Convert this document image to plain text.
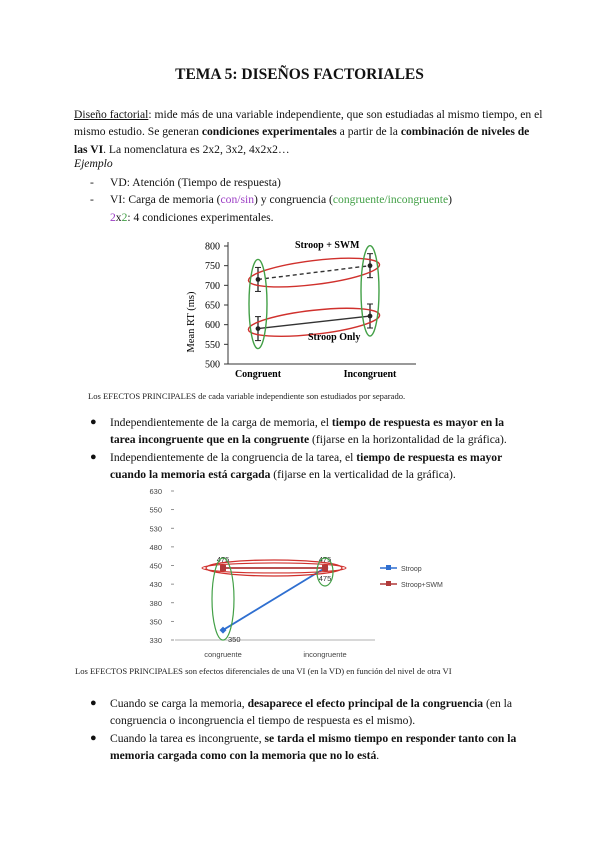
TEMA 5: DISEÑOS FACTORIALES
Diseño factorial: mide más de una variable independiente, que son estudiadas al mismo tiempo, en el mismo estudio. Se generan condiciones experimentales a partir de la combinación de niveles de las VI. La nomenclatura es 2x2, 3x2, 4x2x2…
Ejemplo
- VD: Atención (Tiempo de respuesta)
- VI: Carga de memoria (con/sin) y congruencia (congruente/incongruente)
2x2: 4 condiciones experimentales.
Mean RT (ms)
800
750
700
650
600
550
500
Congruent	Incongruent
Stroop + SWM
Stroop Only
Los EFECTOS PRINCIPALES de cada variable independiente son estudiados por separado.
● Independientemente de la carga de memoria, el tiempo de respuesta es mayor en la tarea incongruente que en la congruente (fijarse en la horizontalidad de la gráfica).
● Independientemente de la congruencia de la tarea, el tiempo de respuesta es mayor cuando la memoria está cargada (fijarse en la verticalidad de la gráfica).
630
550
530
480
450
430
380
350
330
475	475
475
350
congruente	incongruente
Stroop
Stroop+SWM
Los EFECTOS PRINCIPALES son efectos diferenciales de una VI (en la VD) en función del nivel de otra VI
● Cuando se carga la memoria, desaparece el efecto principal de la congruencia (en la congruencia o incongruencia el tiempo de respuesta es el mismo).
● Cuando la tarea es incongruente, se tarda el mismo tiempo en responder tanto con la memoria cargada como con la memoria que no lo está.
